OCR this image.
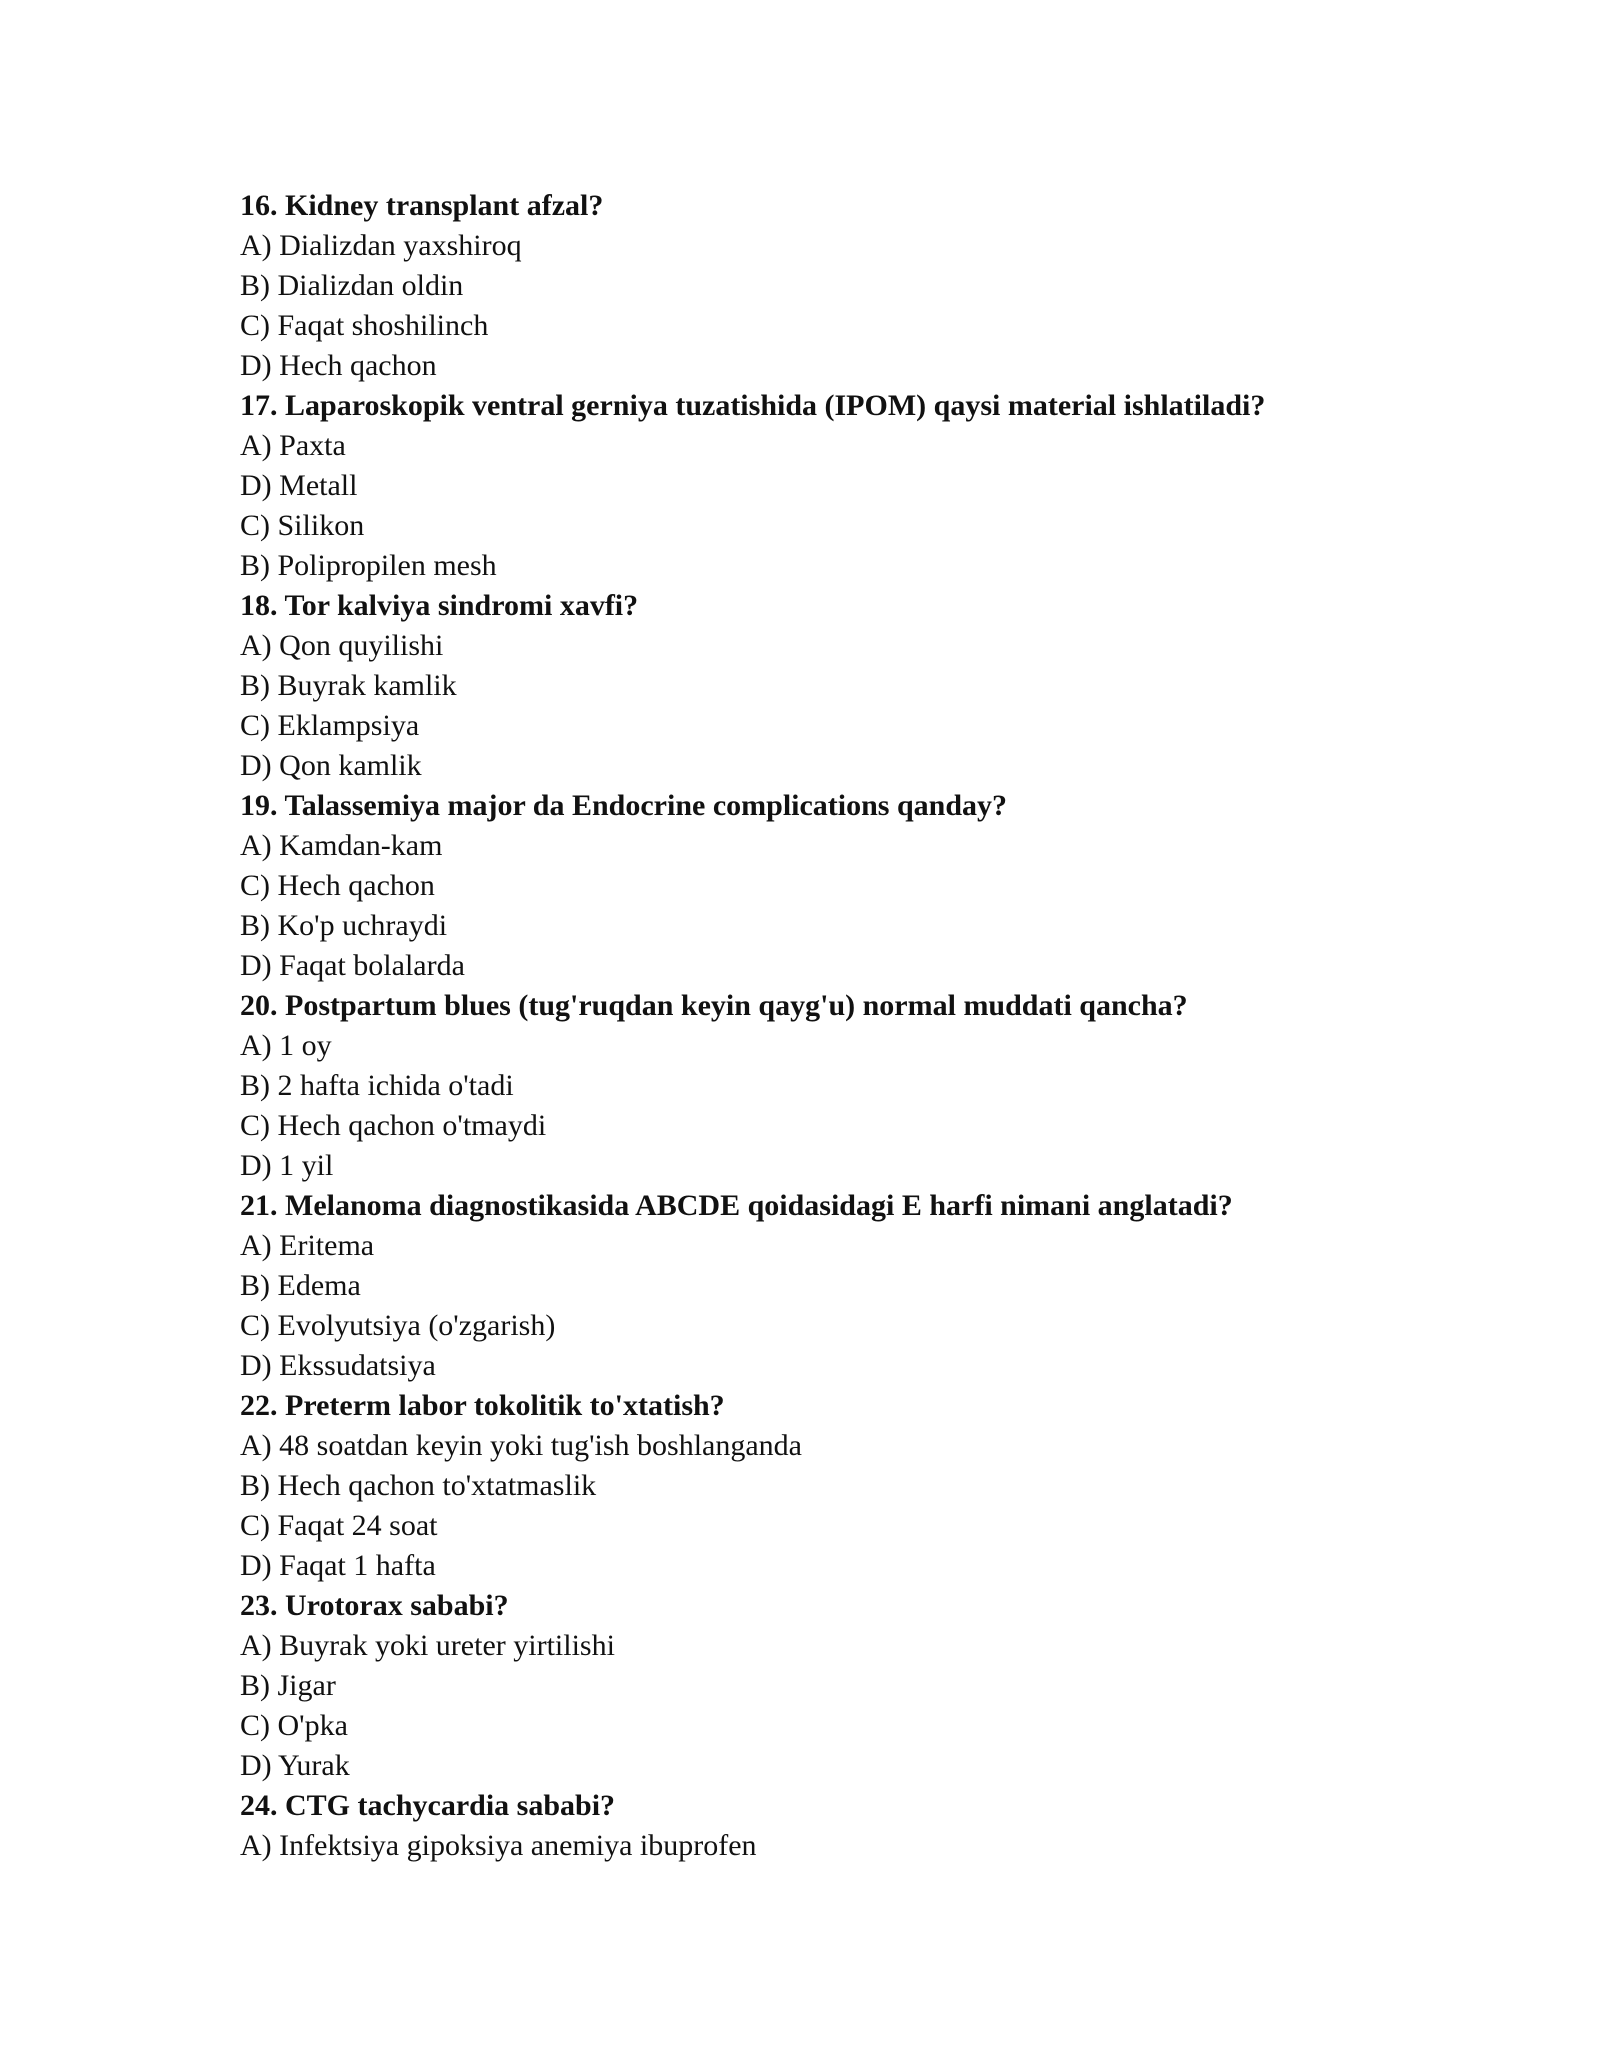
16. Kidney transplant afzal?
A) Dializdan yaxshiroq
B) Dializdan oldin
C) Faqat shoshilinch
D) Hech qachon
17. Laparoskopik ventral gerniya tuzatishida (IPOM) qaysi material ishlatiladi?
A) Paxta
D) Metall
C) Silikon
B) Polipropilen mesh
18. Tor kalviya sindromi xavfi?
A) Qon quyilishi
B) Buyrak kamlik
C) Eklampsiya
D) Qon kamlik
19. Talassemiya major da Endocrine complications qanday?
A) Kamdan-kam
C) Hech qachon
B) Ko'p uchraydi
D) Faqat bolalarda
20. Postpartum blues (tug'ruqdan keyin qayg'u) normal muddati qancha?
A) 1 oy
B) 2 hafta ichida o'tadi
C) Hech qachon o'tmaydi
D) 1 yil
21. Melanoma diagnostikasida ABCDE qoidasidagi E harfi nimani anglatadi?
A) Eritema
B) Edema
C) Evolyutsiya (o'zgarish)
D) Ekssudatsiya
22. Preterm labor tokolitik to'xtatish?
A) 48 soatdan keyin yoki tug'ish boshlanganda
B) Hech qachon to'xtatmaslik
C) Faqat 24 soat
D) Faqat 1 hafta
23. Urotorax sababi?
A) Buyrak yoki ureter yirtilishi
B) Jigar
C) O'pka
D) Yurak
24. CTG tachycardia sababi?
A) Infektsiya gipoksiya anemiya ibuprofen
